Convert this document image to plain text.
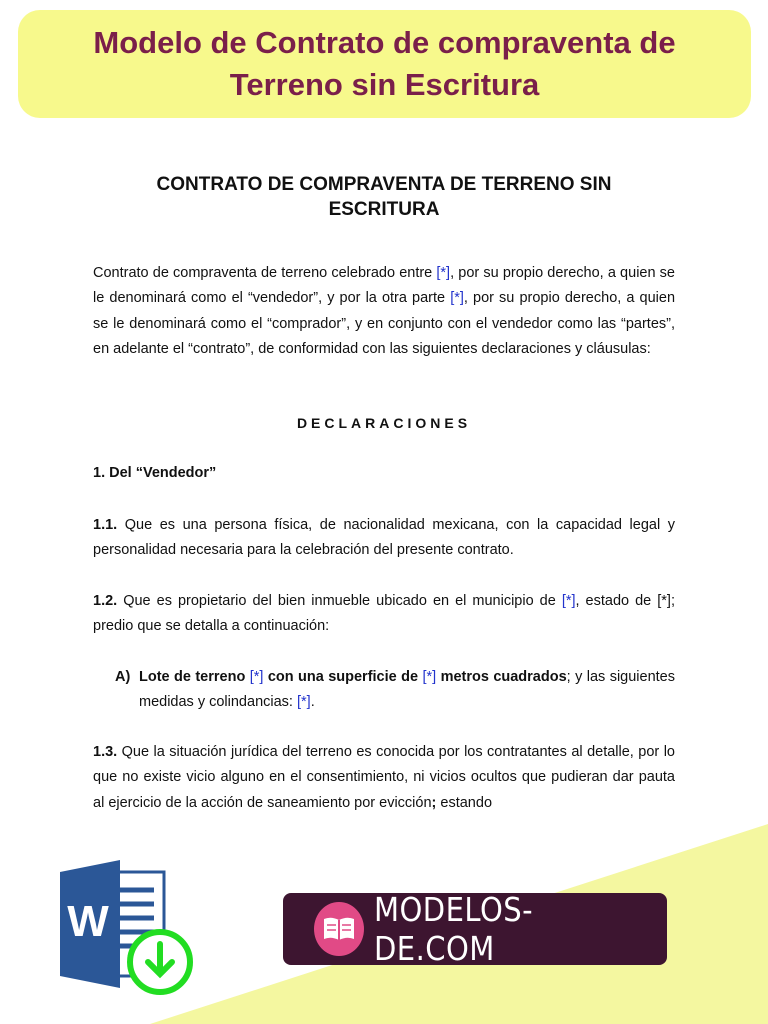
Modelo de Contrato de compraventa de Terreno sin Escritura
CONTRATO DE COMPRAVENTA DE TERRENO SIN ESCRITURA
Contrato de compraventa de terreno celebrado entre [*], por su propio derecho, a quien se le denominará como el “vendedor”, y por la otra parte [*], por su propio derecho, a quien se le denominará como el “comprador”, y en conjunto con el vendedor como las “partes”, en adelante el “contrato”, de conformidad con las siguientes declaraciones y cláusulas:
DECLARACIONES
1. Del “Vendedor”
1.1. Que es una persona física, de nacionalidad mexicana, con la capacidad legal y personalidad necesaria para la celebración del presente contrato.
1.2. Que es propietario del bien inmueble ubicado en el municipio de [*], estado de [*]; predio que se detalla a continuación:
A) Lote de terreno [*] con una superficie de [*] metros cuadrados; y las siguientes medidas y colindancias: [*].
1.3. Que la situación jurídica del terreno es conocida por los contratantes al detalle, por lo que no existe vicio alguno en el consentimiento, ni vicios ocultos que pudieran dar pauta al ejercicio de la acción de saneamiento por evicción; estando
W	MODELOS-DE.COM
